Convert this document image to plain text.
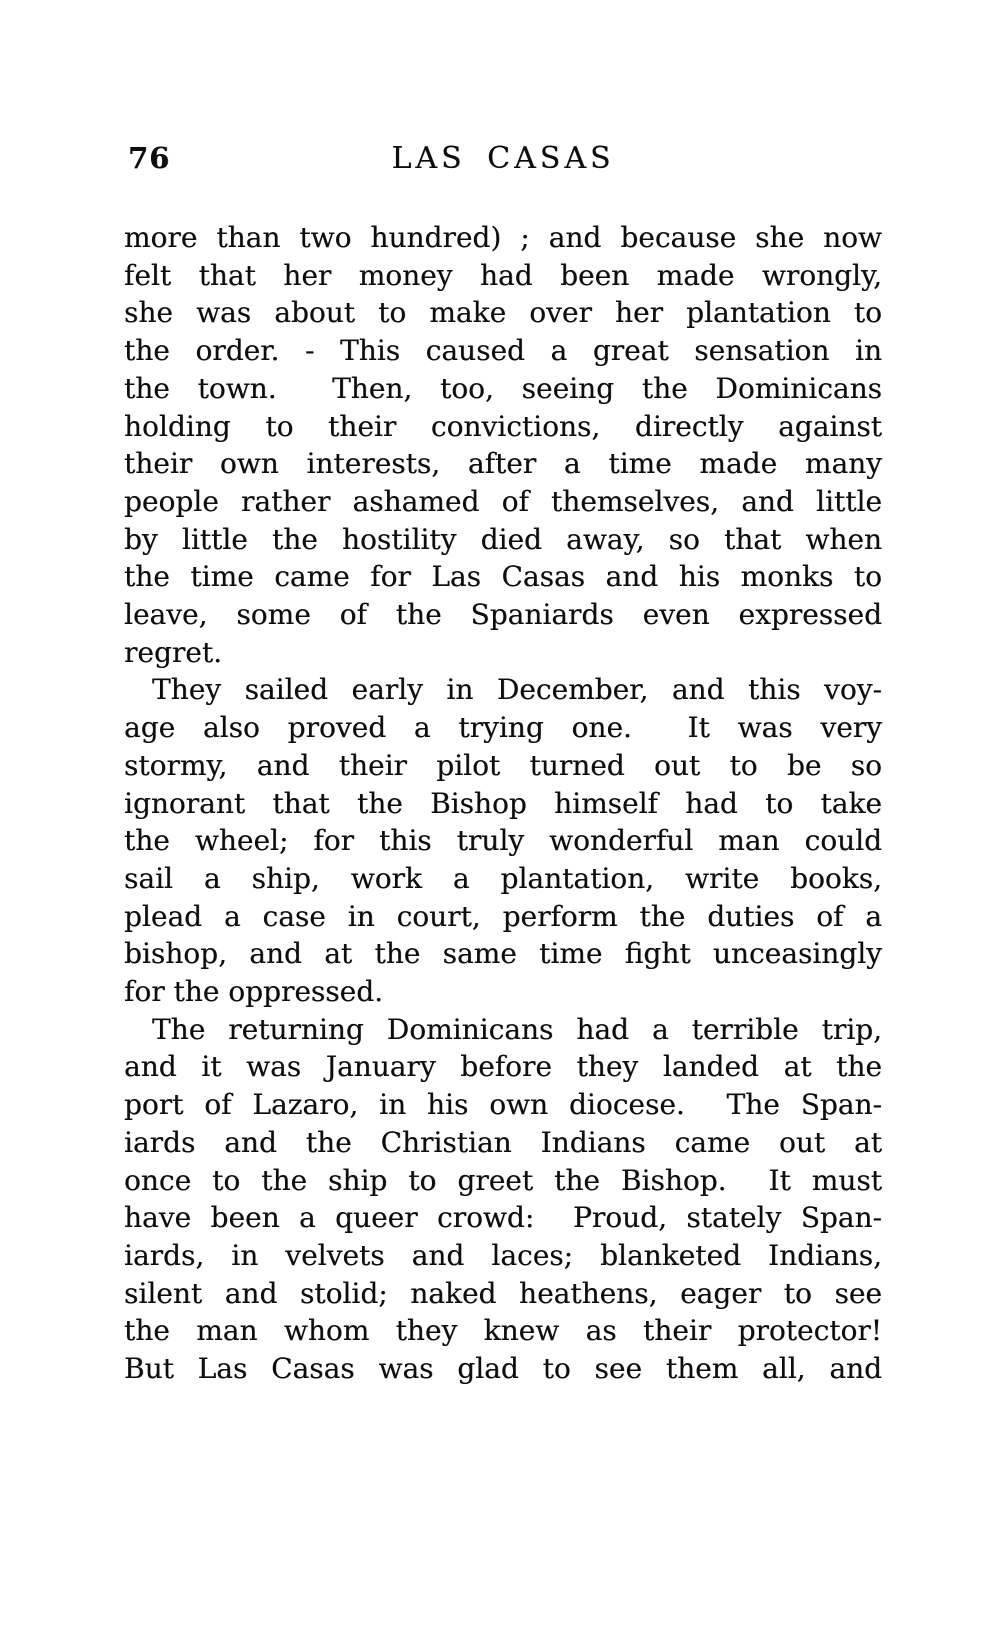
76	LAS CASAS
more than two hundred) ; and because she now
felt that her money had been made wrongly,
she was about to make over her plantation to
the order. - This caused a great sensation in
the town.  Then, too, seeing the Dominicans
holding to their convictions, directly against
their own interests, after a time made many
people rather ashamed of themselves, and little
by little the hostility died away, so that when
the time came for Las Casas and his monks to
leave, some of the Spaniards even expressed
regret.
They sailed early in December, and this voy-
age also proved a trying one.  It was very
stormy, and their pilot turned out to be so
ignorant that the Bishop himself had to take
the wheel; for this truly wonderful man could
sail a ship, work a plantation, write books,
plead a case in court, perform the duties of a
bishop, and at the same time fight unceasingly
for the oppressed.
The returning Dominicans had a terrible trip,
and it was January before they landed at the
port of Lazaro, in his own diocese.  The Span-
iards and the Christian Indians came out at
once to the ship to greet the Bishop.  It must
have been a queer crowd:  Proud, stately Span-
iards, in velvets and laces; blanketed Indians,
silent and stolid; naked heathens, eager to see
the man whom they knew as their protector!
But Las Casas was glad to see them all, and
